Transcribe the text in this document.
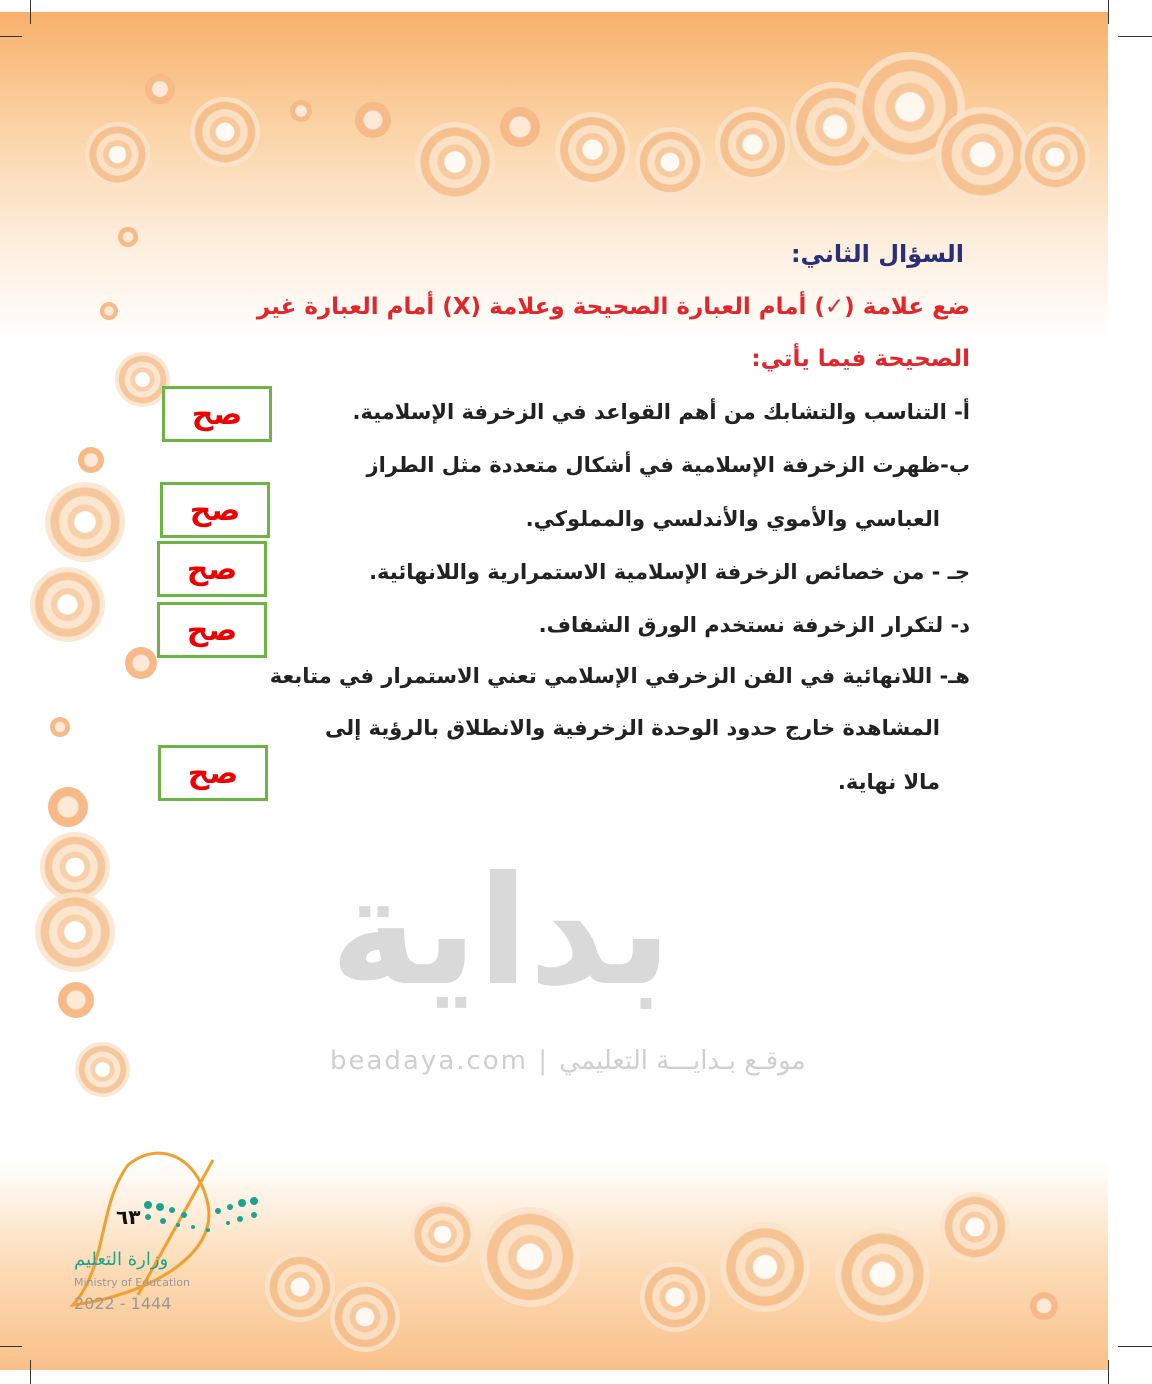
بداية
beadaya.com | موقـع بـدايـــة التعليمي
السؤال الثاني:
ضع علامة (✓) أمام العبارة الصحيحة وعلامة (X) أمام العبارة غير
الصحيحة فيما يأتي:
أ- التناسب والتشابك من أهم القواعد في الزخرفة الإسلامية.
ب-ظهرت الزخرفة الإسلامية في أشكال متعددة مثل الطراز
العباسي والأموي والأندلسي والمملوكي.
جـ - من خصائص الزخرفة الإسلامية الاستمرارية واللانهائية.
د- لتكرار الزخرفة نستخدم الورق الشفاف.
هـ- اللانهائية في الفن الزخرفي الإسلامي تعني الاستمرار في متابعة
المشاهدة خارج حدود الوحدة الزخرفية والانطلاق بالرؤية إلى
مالا نهاية.
صح
صح
صح
صح
صح
٦٣
وزارة التعليم
Ministry of Education
2022 - 1444
